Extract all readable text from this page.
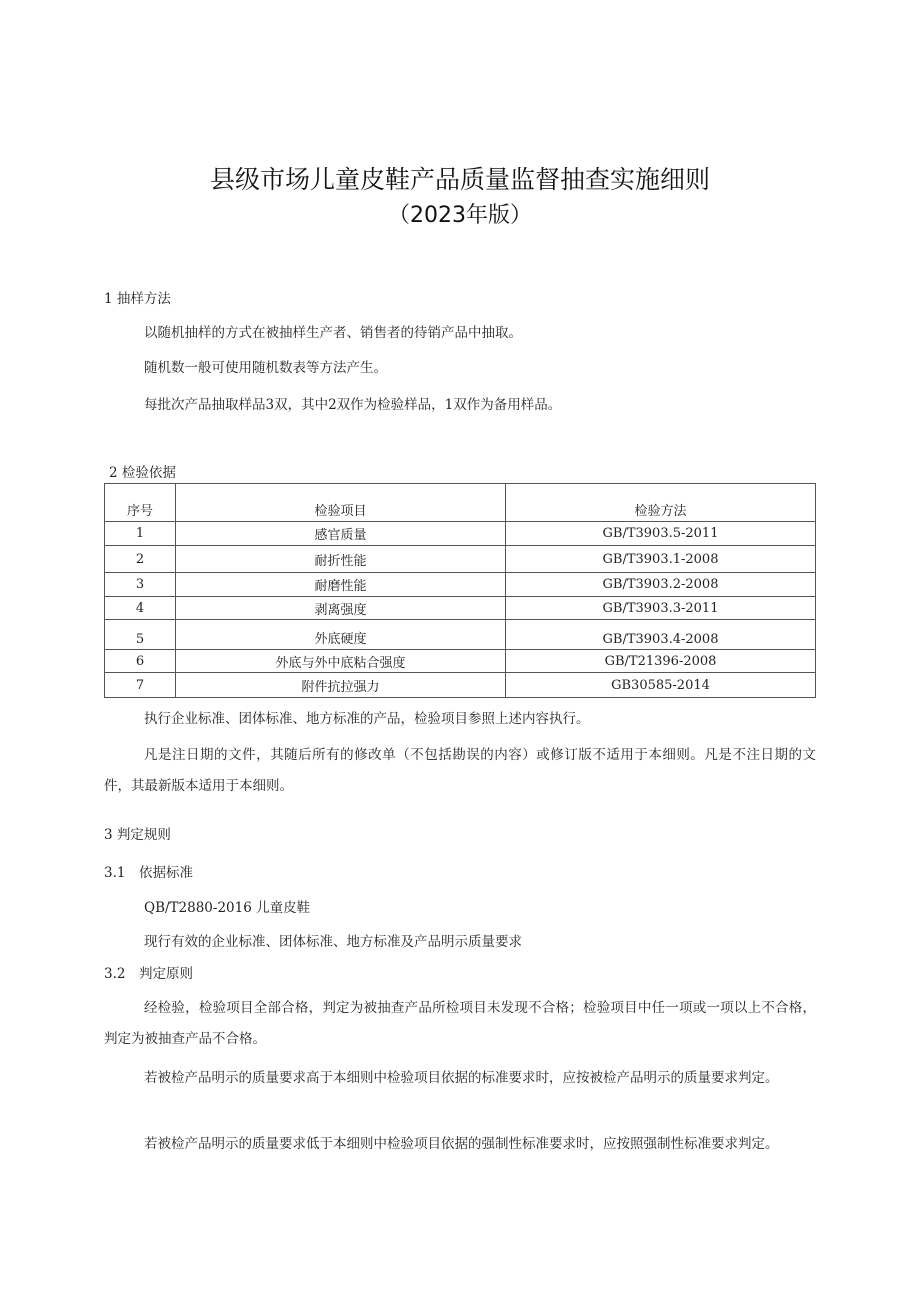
县级市场儿童皮鞋产品质量监督抽查实施细则
（2023年版）
1 抽样方法
以随机抽样的方式在被抽样生产者、销售者的待销产品中抽取。
随机数一般可使用随机数表等方法产生。
每批次产品抽取样品3双，其中2双作为检验样品，1双作为备用样品。
2 检验依据
序号	检验项目	检验方法
1	感官质量	GB/T3903.5-2011
2	耐折性能	GB/T3903.1-2008
3	耐磨性能	GB/T3903.2-2008
4	剥离强度	GB/T3903.3-2011
5	外底硬度	GB/T3903.4-2008
6	外底与外中底粘合强度	GB/T21396-2008
7	附件抗拉强力	GB30585-2014
执行企业标准、团体标准、地方标准的产品，检验项目参照上述内容执行。
凡是注日期的文件，其随后所有的修改单（不包括勘误的内容）或修订版不适用于本细则。凡是不注日期的文件，其最新版本适用于本细则。
3 判定规则
3.1　依据标准
QB/T2880-2016 儿童皮鞋
现行有效的企业标准、团体标准、地方标准及产品明示质量要求
3.2　判定原则
经检验，检验项目全部合格，判定为被抽查产品所检项目未发现不合格；检验项目中任一项或一项以上不合格，判定为被抽查产品不合格。
若被检产品明示的质量要求高于本细则中检验项目依据的标准要求时，应按被检产品明示的质量要求判定。
若被检产品明示的质量要求低于本细则中检验项目依据的强制性标准要求时，应按照强制性标准要求判定。
